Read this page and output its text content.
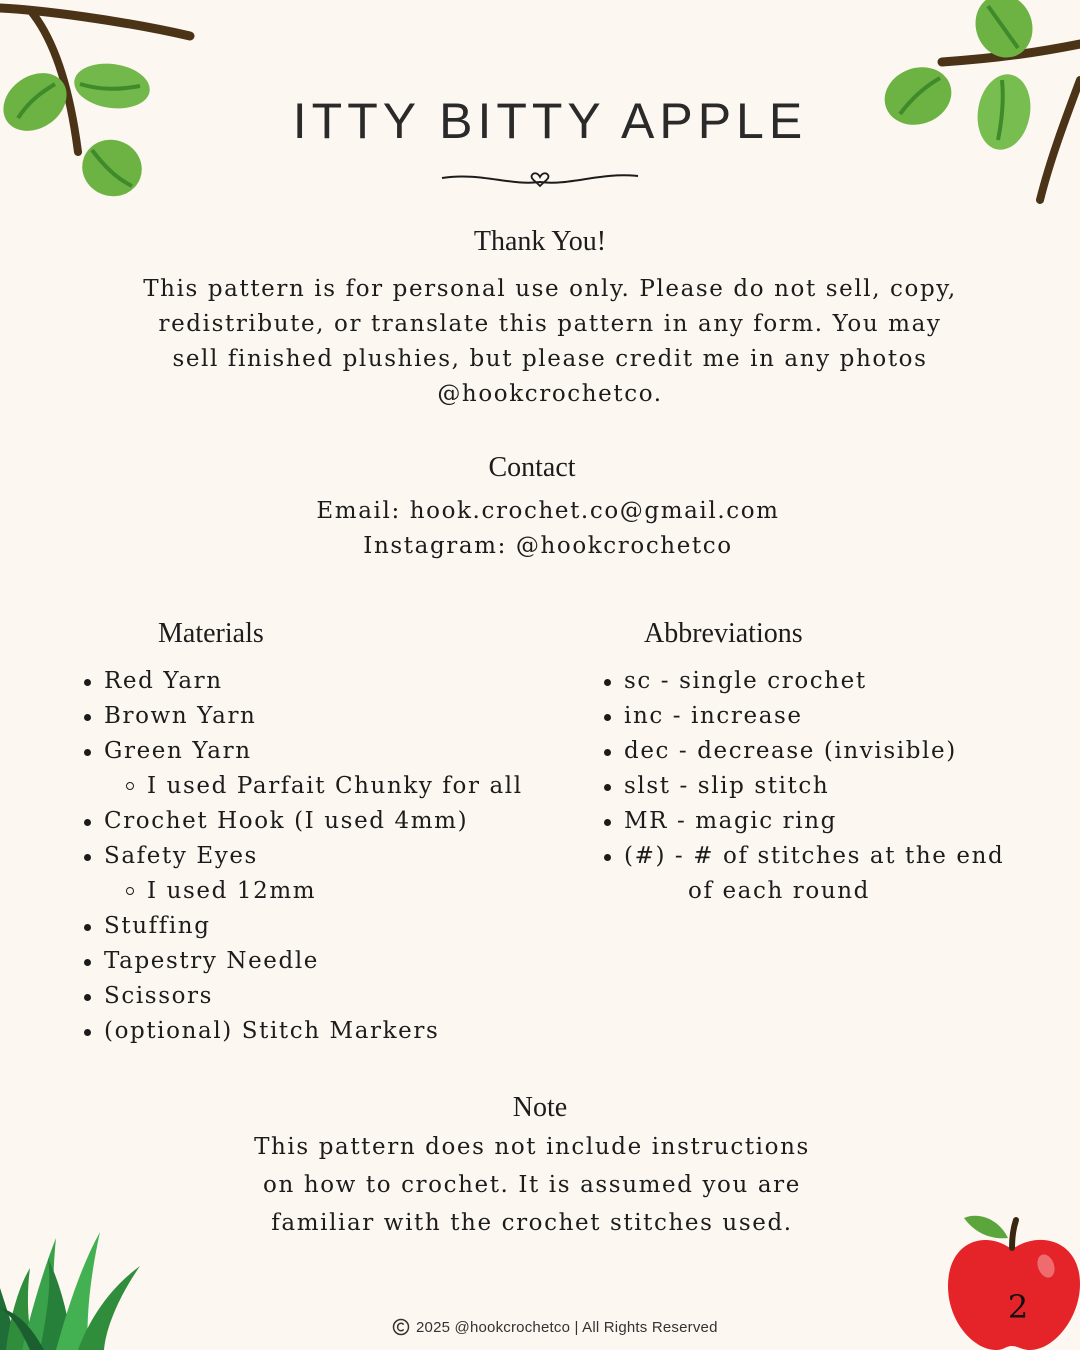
ITTY BITTY APPLE
Thank You!
This pattern is for personal use only. Please do not sell, copy,
redistribute, or translate this pattern in any form. You may
sell finished plushies, but please credit me in any photos
@hookcrochetco.
Contact
Email: hook.crochet.co@gmail.com
Instagram: @hookcrochetco
Materials
Red Yarn
Brown Yarn
Green Yarn
I used Parfait Chunky for all
Crochet Hook (I used 4mm)
Safety Eyes
I used 12mm
Stuffing
Tapestry Needle
Scissors
(optional) Stitch Markers
Abbreviations
sc - single crochet
inc - increase
dec - decrease (invisible)
slst - slip stitch
MR - magic ring
(#) - # of stitches at the end
of each round
Note
This pattern does not include instructions
on how to crochet. It is assumed you are
familiar with the crochet stitches used.
2
2025 @hookcrochetco | All Rights Reserved
